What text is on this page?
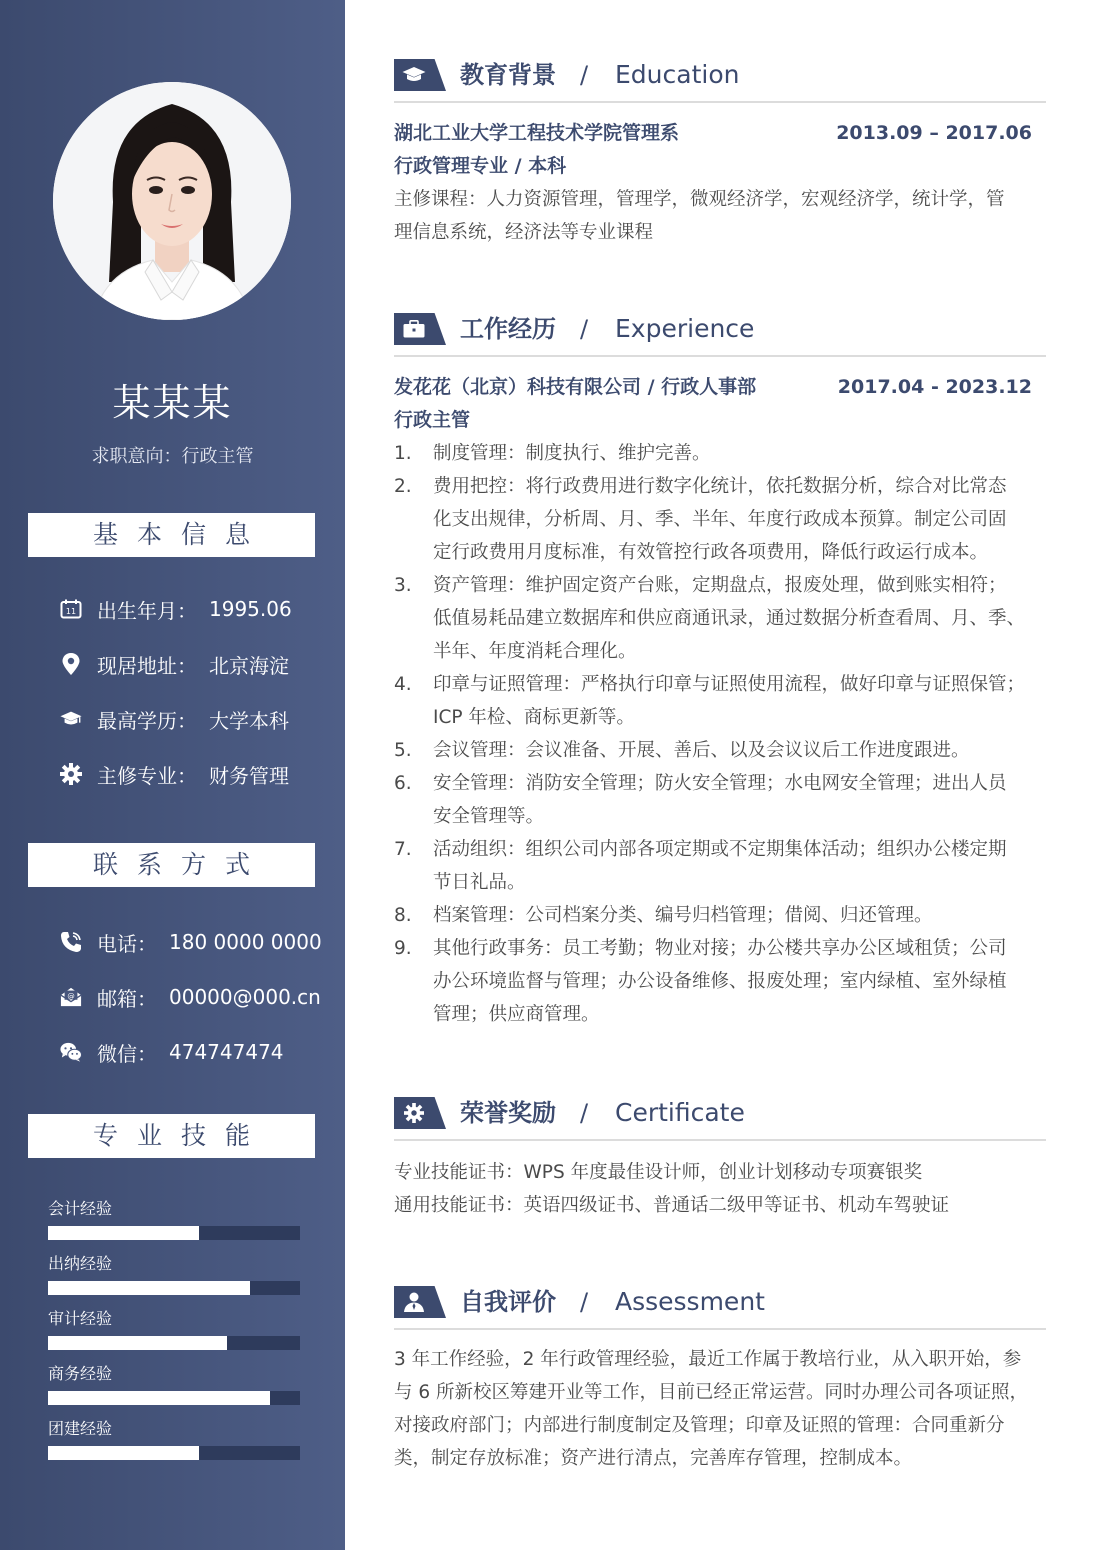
某某某
求职意向：行政主管
基本信息
11 出生年月： 1995.06
现居地址： 北京海淀
最高学历： 大学本科
主修专业： 财务管理
联系方式
电话： 180 0000 0000
@ 邮箱： 00000@000.cn
微信： 474747474
专业技能
会计经验
出纳经验
审计经验
商务经验
团建经验
教育背景 / Education
湖北工业大学工程技术学院管理系	2013.09 – 2017.06
行政管理专业 / 本科
主修课程：人力资源管理，管理学，微观经济学，宏观经济学，统计学，管
理信息系统，经济法等专业课程
工作经历 / Experience
发花花（北京）科技有限公司 / 行政人事部	2017.04 - 2023.12
行政主管
1. 制度管理：制度执行、维护完善。
2. 费用把控：将行政费用进行数字化统计，依托数据分析，综合对比常态
化支出规律，分析周、月、季、半年、年度行政成本预算。制定公司固
定行政费用月度标准，有效管控行政各项费用，降低行政运行成本。
3. 资产管理：维护固定资产台账，定期盘点，报废处理，做到账实相符；
低值易耗品建立数据库和供应商通讯录，通过数据分析查看周、月、季、
半年、年度消耗合理化。
4. 印章与证照管理：严格执行印章与证照使用流程，做好印章与证照保管；
ICP 年检、商标更新等。
5. 会议管理：会议准备、开展、善后、以及会议议后工作进度跟进。
6. 安全管理：消防安全管理；防火安全管理；水电网安全管理；进出人员
安全管理等。
7. 活动组织：组织公司内部各项定期或不定期集体活动；组织办公楼定期
节日礼品。
8. 档案管理：公司档案分类、编号归档管理；借阅、归还管理。
9. 其他行政事务：员工考勤；物业对接；办公楼共享办公区域租赁；公司
办公环境监督与管理；办公设备维修、报废处理；室内绿植、室外绿植
管理；供应商管理。
荣誉奖励 / Certificate
专业技能证书：WPS 年度最佳设计师，创业计划移动专项赛银奖
通用技能证书：英语四级证书、普通话二级甲等证书、机动车驾驶证
自我评价 / Assessment
3 年工作经验，2 年行政管理经验，最近工作属于教培行业，从入职开始，参
与 6 所新校区筹建开业等工作，目前已经正常运营。同时办理公司各项证照，
对接政府部门；内部进行制度制定及管理；印章及证照的管理：合同重新分
类，制定存放标准；资产进行清点，完善库存管理，控制成本。
